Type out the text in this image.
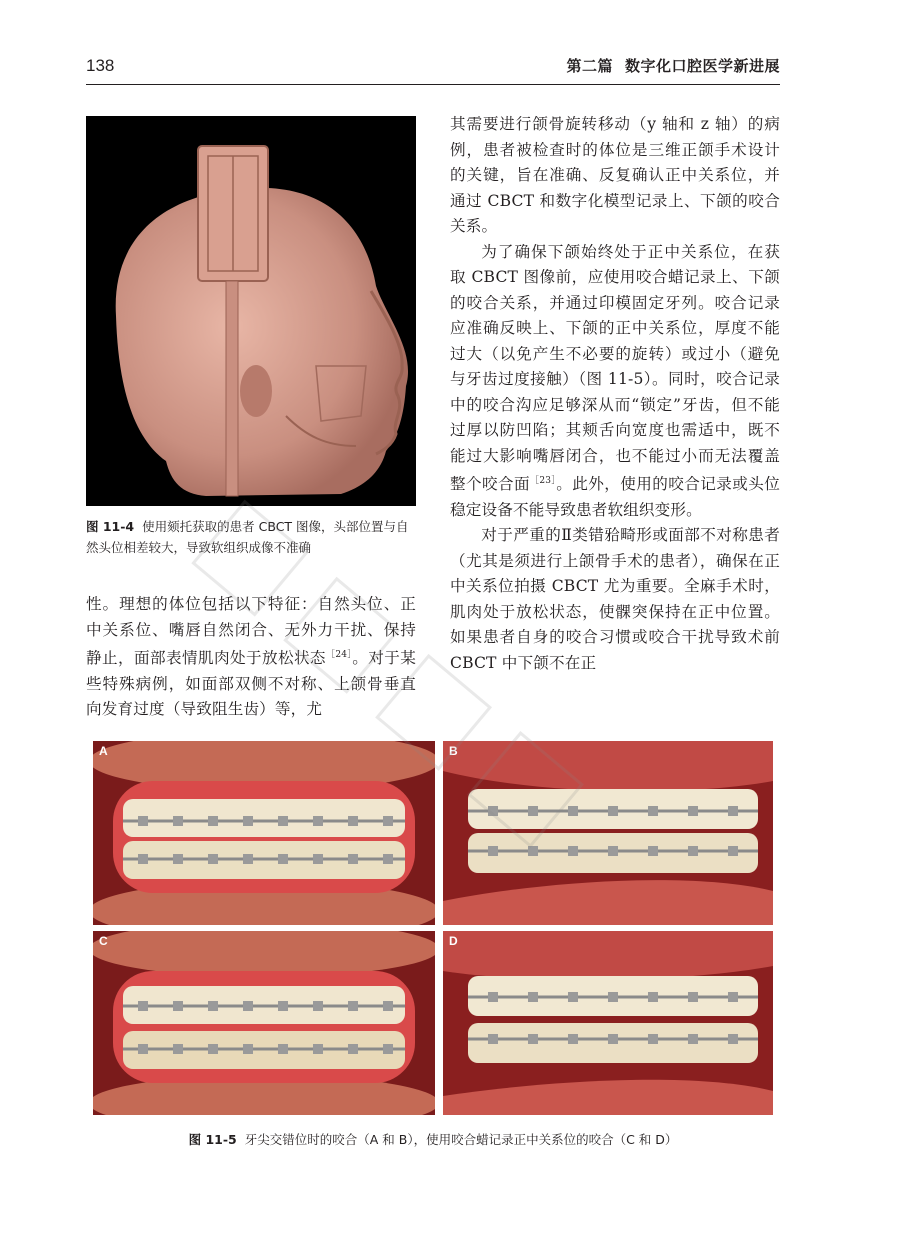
138	第二篇 数字化口腔医学新进展
图 11-4 使用颏托获取的患者 CBCT 图像，头部位置与自然头位相差较大，导致软组织成像不准确

其需要进行颌骨旋转移动（y 轴和 z 轴）的病例，患者被检查时的体位是三维正颌手术设计的关键，旨在准确、反复确认正中关系位，并通过 CBCT 和数字化模型记录上、下颌的咬合关系。

为了确保下颌始终处于正中关系位，在获取 CBCT 图像前，应使用咬合蜡记录上、下颌的咬合关系，并通过印模固定牙列。咬合记录应准确反映上、下颌的正中关系位，厚度不能过大（以免产生不必要的旋转）或过小（避免与牙齿过度接触）（图 11-5）。同时，咬合记录中的咬合沟应足够深从而“锁定”牙齿，但不能过厚以防凹陷；其颊舌向宽度也需适中，既不能过大影响嘴唇闭合，也不能过小而无法覆盖整个咬合面$^{[23]}$。此外，使用的咬合记录或头位稳定设备不能导致患者软组织变形。

对于严重的Ⅱ类错𬌗畸形或面部不对称患者（尤其是须进行上颌骨手术的患者），确保在正中关系位拍摄 CBCT 尤为重要。全麻手术时，肌肉处于放松状态，使髁突保持在正中位置。如果患者自身的咬合习惯或咬合干扰导致术前 CBCT 中下颌不在正

性。理想的体位包括以下特征：自然头位、正中关系位、嘴唇自然闭合、无外力干扰、保持静止，面部表情肌肉处于放松状态$^{[24]}$。对于某些特殊病例，如面部双侧不对称、上颌骨垂直向发育过度（导致阻生齿）等，尤

A	B
C	D
图 11-5 牙尖交错位时的咬合（A 和 B），使用咬合蜡记录正中关系位的咬合（C 和 D）
